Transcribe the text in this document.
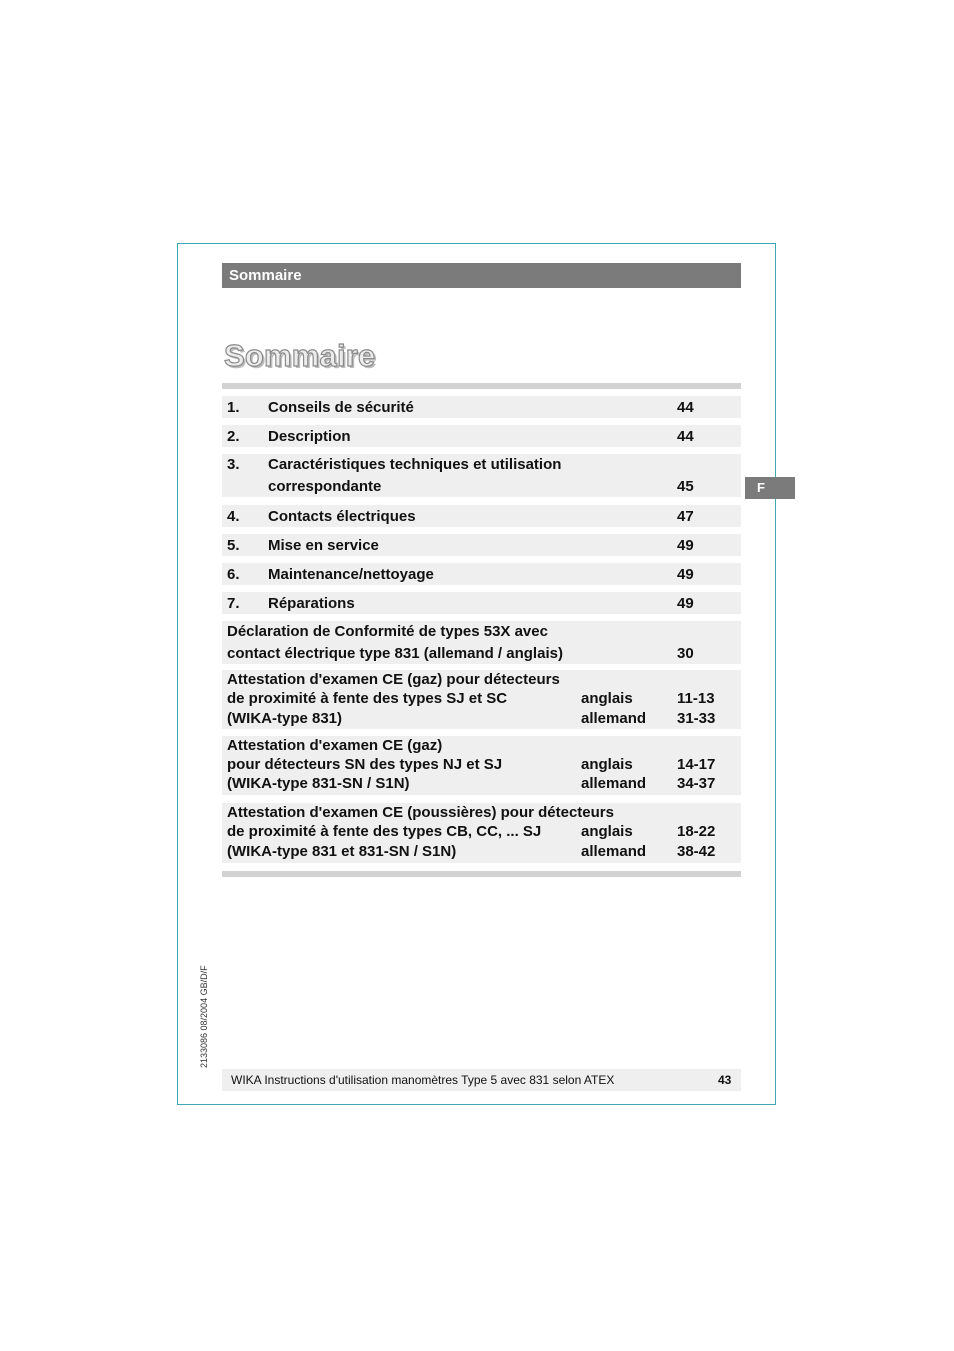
Sommaire
Sommaire
1. Conseils de sécurité	44
2. Description	44
3. Caractéristiques techniques et utilisation
correspondante	45
4. Contacts électriques	47
5. Mise en service	49
6. Maintenance/nettoyage	49
7. Réparations	49
Déclaration de Conformité de types 53X avec
contact électrique type 831 (allemand / anglais)	30
Attestation d'examen CE (gaz) pour détecteurs
de proximité à fente des types SJ et SC	anglais	11-13
(WIKA-type 831)	allemand 31-33
Attestation d'examen CE (gaz)
pour détecteurs SN des types NJ et SJ	anglais	14-17
(WIKA-type 831-SN / S1N)	allemand 34-37
Attestation d'examen CE (poussières) pour détecteurs
de proximité à fente des types CB, CC, ... SJ	anglais	18-22
(WIKA-type 831 et 831-SN / S1N)	allemand 38-42
F
2133086 08/2004 GB/D/F
WIKA Instructions d'utilisation manomètres Type 5 avec 831 selon ATEX	43
